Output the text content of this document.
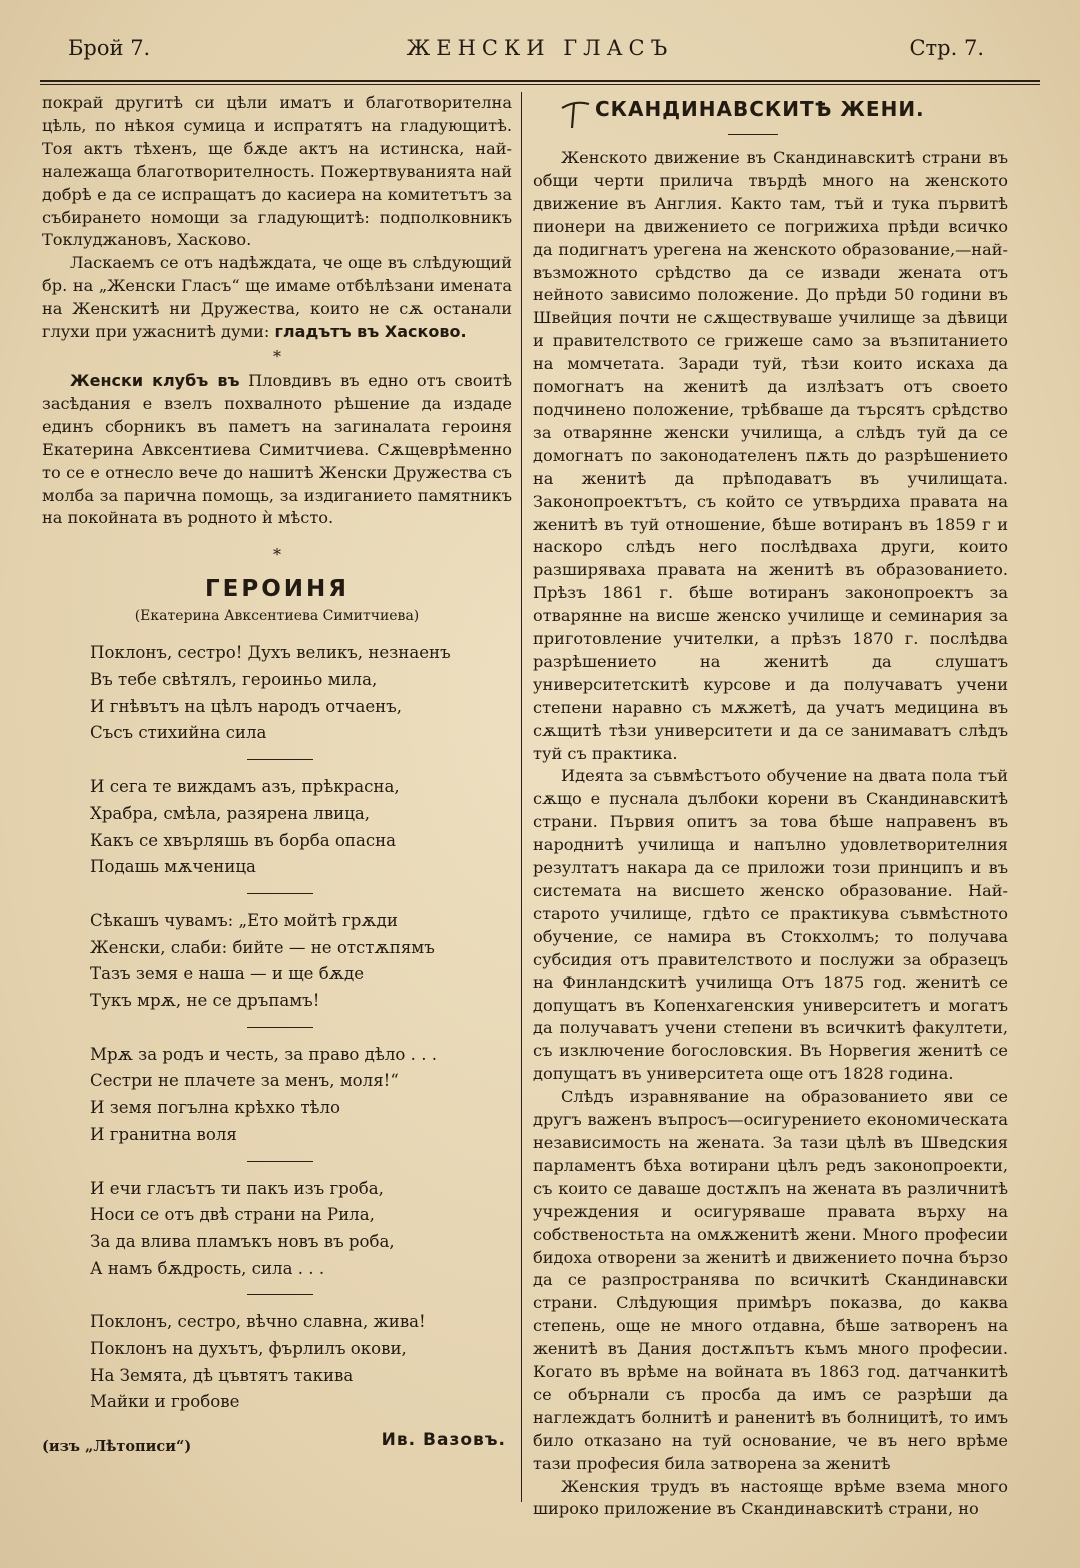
Брой 7.	ЖЕНСКИ ГЛАСЪ	Стр. 7.

покрай другитѣ си цѣли иматъ и благотворителна цѣль, по нѣкоя сумица и испратятъ на гладующитѣ. Тоя актъ тѣхенъ, ще бѫде актъ на истинска, най-належаща благотворителность. Пожертвуванията най добрѣ е да се испращатъ до касиера на комитетътъ за събирането номощи за гладующитѣ: подполковникъ Токлуджановъ, Хасково.

Ласкаемъ се отъ надѣждата, че още въ слѣдующий бр. на „Женски Гласъ“ ще имаме отбѣлѣзани имената на Женскитѣ ни Дружества, които не сѫ останали глухи при ужаснитѣ думи: гладътъ въ Хасково.

*

Женски клубъ въ Пловдивъ въ едно отъ своитѣ засѣдания е взелъ похвалното рѣшение да издаде единъ сборникъ въ паметъ на загиналата героиня Екатерина Авксентиева Симитчиева. Сѫщеврѣменно то се е отнесло вече до нашитѣ Женски Дружества съ молба за парична помощь, за издиганието памятникъ на покойната въ родното ѝ мѣсто.

*
ГЕРОИНЯ
(Екатерина Авксентиева Симитчиева)
Поклонъ, сестро! Духъ великъ, незнаенъ
Въ тебе свѣтялъ, героиньо мила,
И гнѣвътъ на цѣлъ народъ отчаенъ,
Съсъ стихийна сила
И сега те виждамъ азъ, прѣкрасна,
Храбра, смѣла, разярена лвица,
Какъ се хвърляшь въ борба опасна
Подашь мѫченица
Сѣкашъ чувамъ: „Ето мойтѣ грѫди
Женски, слаби: бийте — не отстѫпямъ
Тазъ земя е наша — и ще бѫде
Тукъ мрѫ, не се дръпамъ!
Мрѫ за родъ и честь, за право дѣло . . .
Сестри не плачете за менъ, моля!“
И земя погълна крѣхко тѣло
И гранитна воля
И ечи гласътъ ти пакъ изъ гроба,
Носи се отъ двѣ страни на Рила,
За да влива пламъкъ новъ въ роба,
А намъ бѫдрость, сила . . .
Поклонъ, сестро, вѣчно славна, жива!
Поклонъ на духътъ, фърлилъ окови,
На Земята, дѣ цъвтятъ такива
Майки и гробове
(изъ „Лѣтописи“)	Ив. Вазовъ.
СКАНДИНАВСКИТѢ ЖЕНИ.

Женското движение въ Скандинавскитѣ страни въ общи черти прилича твърдѣ много на женското движение въ Англия. Както там, тъй и тука първитѣ пионери на движението се погрижиха прѣди всичко да подигнатъ урегена на женското образование,—най-възможното срѣдство да се извади жената отъ нейното зависимо положение. До прѣди 50 години въ Швейция почти не сѫществуваше училище за дѣвици и правителството се грижеше само за възпитанието на момчетата. Заради туй, тѣзи които искаха да помогнатъ на женитѣ да излѣзатъ отъ своето подчинено положение, трѣбваше да търсятъ срѣдство за отварянне женски училища, а слѣдъ туй да се домогнатъ по законодателенъ пѫть до разрѣшението на женитѣ да прѣподаватъ въ училищата. Законопроектътъ, съ който се утвърдиха правата на женитѣ въ туй отношение, бѣше вотиранъ въ 1859 г и наскоро слѣдъ него послѣдваха други, които разширяваха правата на женитѣ въ образованието. Прѣзъ 1861 г. бѣше вотиранъ законопроектъ за отварянне на висше женско училище и семинария за приготовление учителки, а прѣзъ 1870 г. послѣдва разрѣшението на женитѣ да слушатъ университетскитѣ курсове и да получаватъ учени степени наравно съ мѫжетѣ, да учатъ медицина въ сѫщитѣ тѣзи университети и да се занимаватъ слѣдъ туй съ практика.

Идеята за съвмѣстъото обучение на двата пола тъй сѫщо е пуснала дълбоки корени въ Скандинавскитѣ страни. Първия опитъ за това бѣше направенъ въ народнитѣ училища и напълно удовлетворителния резултатъ накара да се приложи този принципъ и въ системата на висшето женско образование. Най-старото училище, гдѣто се практикува съвмѣстното обучение, се намира въ Стокхолмъ; то получава субсидия отъ правителството и послужи за образецъ на Финландскитѣ училища Отъ 1875 год. женитѣ се допущатъ въ Копенхагенския университетъ и могатъ да получаватъ учени степени въ всичкитѣ факултети, съ изключение богословския. Въ Норвегия женитѣ се допущатъ въ университета още отъ 1828 година.

Слѣдъ изравнявание на образованието яви се другъ важенъ въпросъ—осигурението економическата независимость на жената. За тази цѣлѣ въ Шведския парламентъ бѣха вотирани цѣлъ редъ законопроекти, съ които се даваше достѫпъ на жената въ различнитѣ учреждения и осигуряваше правата върху на собственостьта на омѫженитѣ жени. Много професии бидоха отворени за женитѣ и движението почна бързо да се разпространява по всичкитѣ Скандинавски страни. Слѣдующия примѣръ показва, до каква степень, още не много отдавна, бѣше затворенъ на женитѣ въ Дания достѫпътъ къмъ много професии. Когато въ врѣме на войната въ 1863 год. датчанкитѣ се обърнали съ просба да имъ се разрѣши да наглеждатъ болнитѣ и раненитѣ въ болницитѣ, то имъ било отказано на туй основание, че въ него врѣме тази професия била затворена за женитѣ

Женския трудъ въ настояще врѣме взема много широко приложение въ Скандинавскитѣ страни, но
